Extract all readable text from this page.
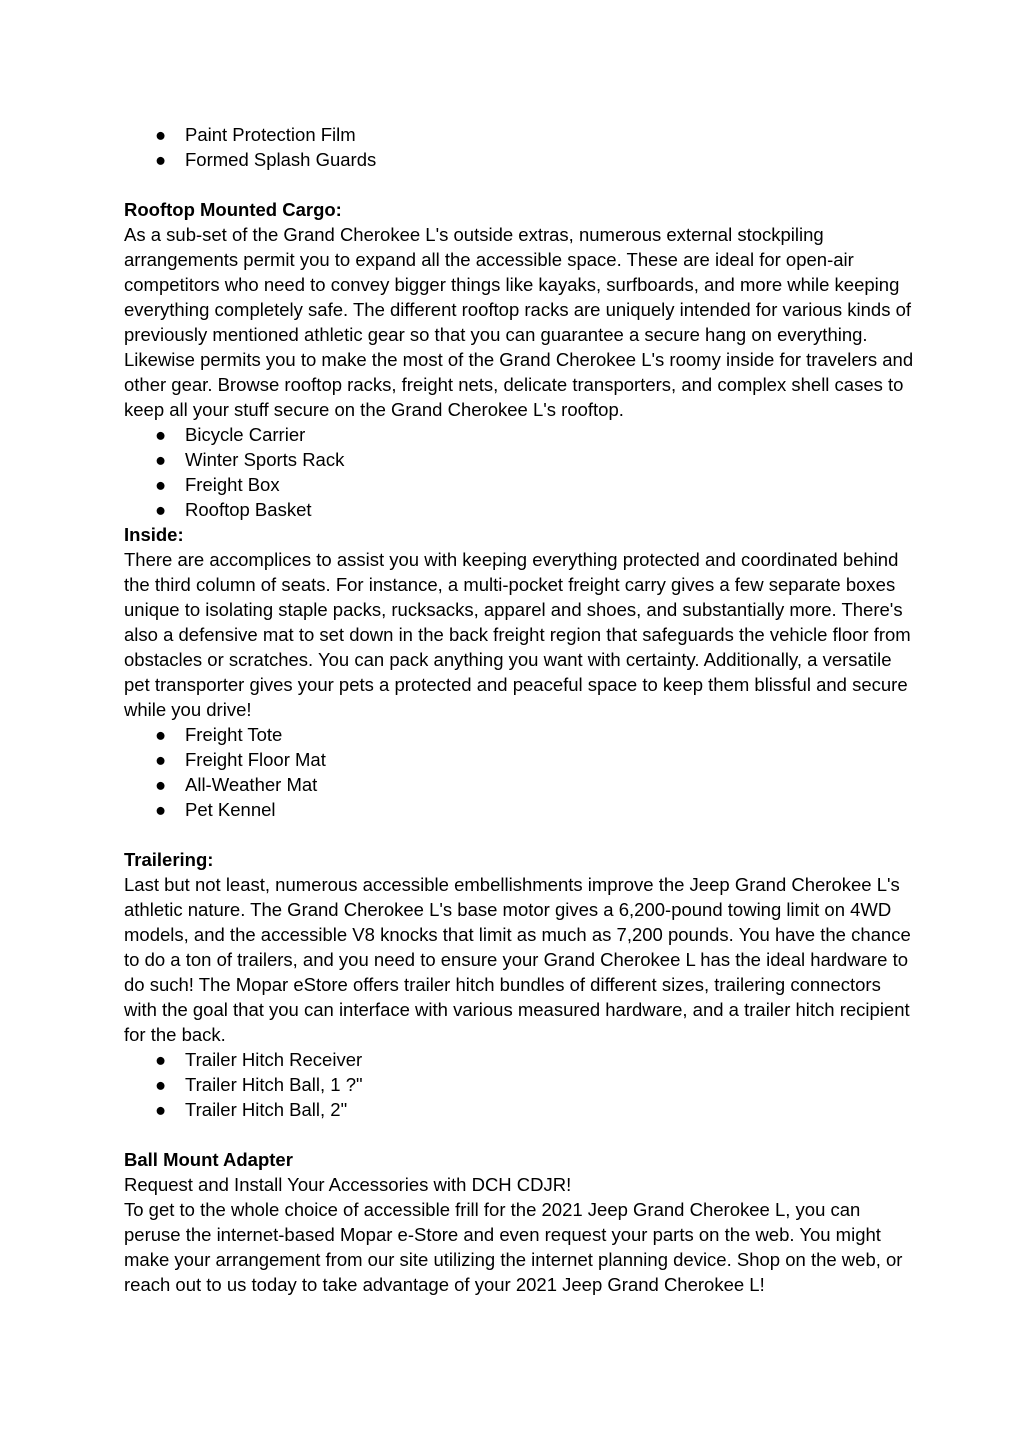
● Paint Protection Film
● Formed Splash Guards

Rooftop Mounted Cargo:

As a sub-set of the Grand Cherokee L's outside extras, numerous external stockpiling arrangements permit you to expand all the accessible space. These are ideal for open-air competitors who need to convey bigger things like kayaks, surfboards, and more while keeping everything completely safe. The different rooftop racks are uniquely intended for various kinds of previously mentioned athletic gear so that you can guarantee a secure hang on everything. Likewise permits you to make the most of the Grand Cherokee L's roomy inside for travelers and other gear. Browse rooftop racks, freight nets, delicate transporters, and complex shell cases to keep all your stuff secure on the Grand Cherokee L's rooftop.

● Bicycle Carrier
● Winter Sports Rack
● Freight Box
● Rooftop Basket

Inside:

There are accomplices to assist you with keeping everything protected and coordinated behind the third column of seats. For instance, a multi-pocket freight carry gives a few separate boxes unique to isolating staple packs, rucksacks, apparel and shoes, and substantially more. There's also a defensive mat to set down in the back freight region that safeguards the vehicle floor from obstacles or scratches. You can pack anything you want with certainty. Additionally, a versatile pet transporter gives your pets a protected and peaceful space to keep them blissful and secure while you drive!

● Freight Tote
● Freight Floor Mat
● All-Weather Mat
● Pet Kennel

Trailering:

Last but not least, numerous accessible embellishments improve the Jeep Grand Cherokee L's athletic nature. The Grand Cherokee L's base motor gives a 6,200-pound towing limit on 4WD models, and the accessible V8 knocks that limit as much as 7,200 pounds. You have the chance to do a ton of trailers, and you need to ensure your Grand Cherokee L has the ideal hardware to do such! The Mopar eStore offers trailer hitch bundles of different sizes, trailering connectors with the goal that you can interface with various measured hardware, and a trailer hitch recipient for the back.

● Trailer Hitch Receiver
● Trailer Hitch Ball, 1 ?"
● Trailer Hitch Ball, 2"

Ball Mount Adapter

Request and Install Your Accessories with DCH CDJR!

To get to the whole choice of accessible frill for the 2021 Jeep Grand Cherokee L, you can peruse the internet-based Mopar e-Store and even request your parts on the web. You might make your arrangement from our site utilizing the internet planning device. Shop on the web, or reach out to us today to take advantage of your 2021 Jeep Grand Cherokee L!
